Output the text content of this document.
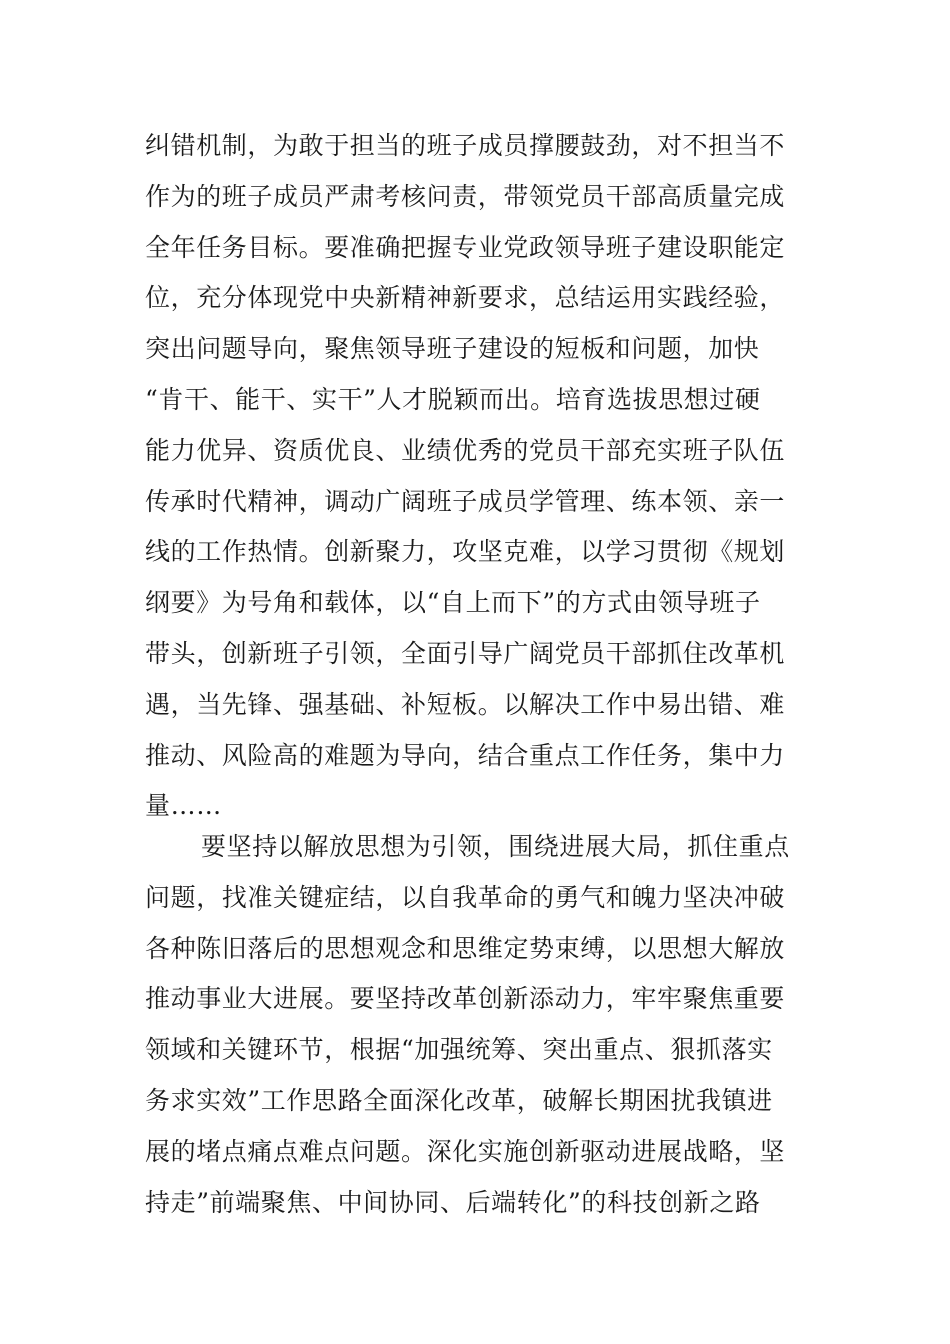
纠错机制，为敢于担当的班子成员撑腰鼓劲，对不担当不
作为的班子成员严肃考核问责，带领党员干部高质量完成
全年任务目标。要准确把握专业党政领导班子建设职能定
位，充分体现党中央新精神新要求，总结运用实践经验，
突出问题导向，聚焦领导班子建设的短板和问题，加快
“肯干、能干、实干”人才脱颖而出。培育选拔思想过硬
能力优异、资质优良、业绩优秀的党员干部充实班子队伍
传承时代精神，调动广阔班子成员学管理、练本领、亲一
线的工作热情。创新聚力，攻坚克难，以学习贯彻《规划
纲要》为号角和载体，以“自上而下”的方式由领导班子
带头，创新班子引领，全面引导广阔党员干部抓住改革机
遇，当先锋、强基础、补短板。以解决工作中易出错、难
推动、风险高的难题为导向，结合重点工作任务，集中力
量……
要坚持以解放思想为引领，围绕进展大局，抓住重点
问题，找准关键症结，以自我革命的勇气和魄力坚决冲破
各种陈旧落后的思想观念和思维定势束缚，以思想大解放
推动事业大进展。要坚持改革创新添动力，牢牢聚焦重要
领域和关键环节，根据“加强统筹、突出重点、狠抓落实
务求实效”工作思路全面深化改革，破解长期困扰我镇进
展的堵点痛点难点问题。深化实施创新驱动进展战略，坚
持走”前端聚焦、中间协同、后端转化”的科技创新之路
